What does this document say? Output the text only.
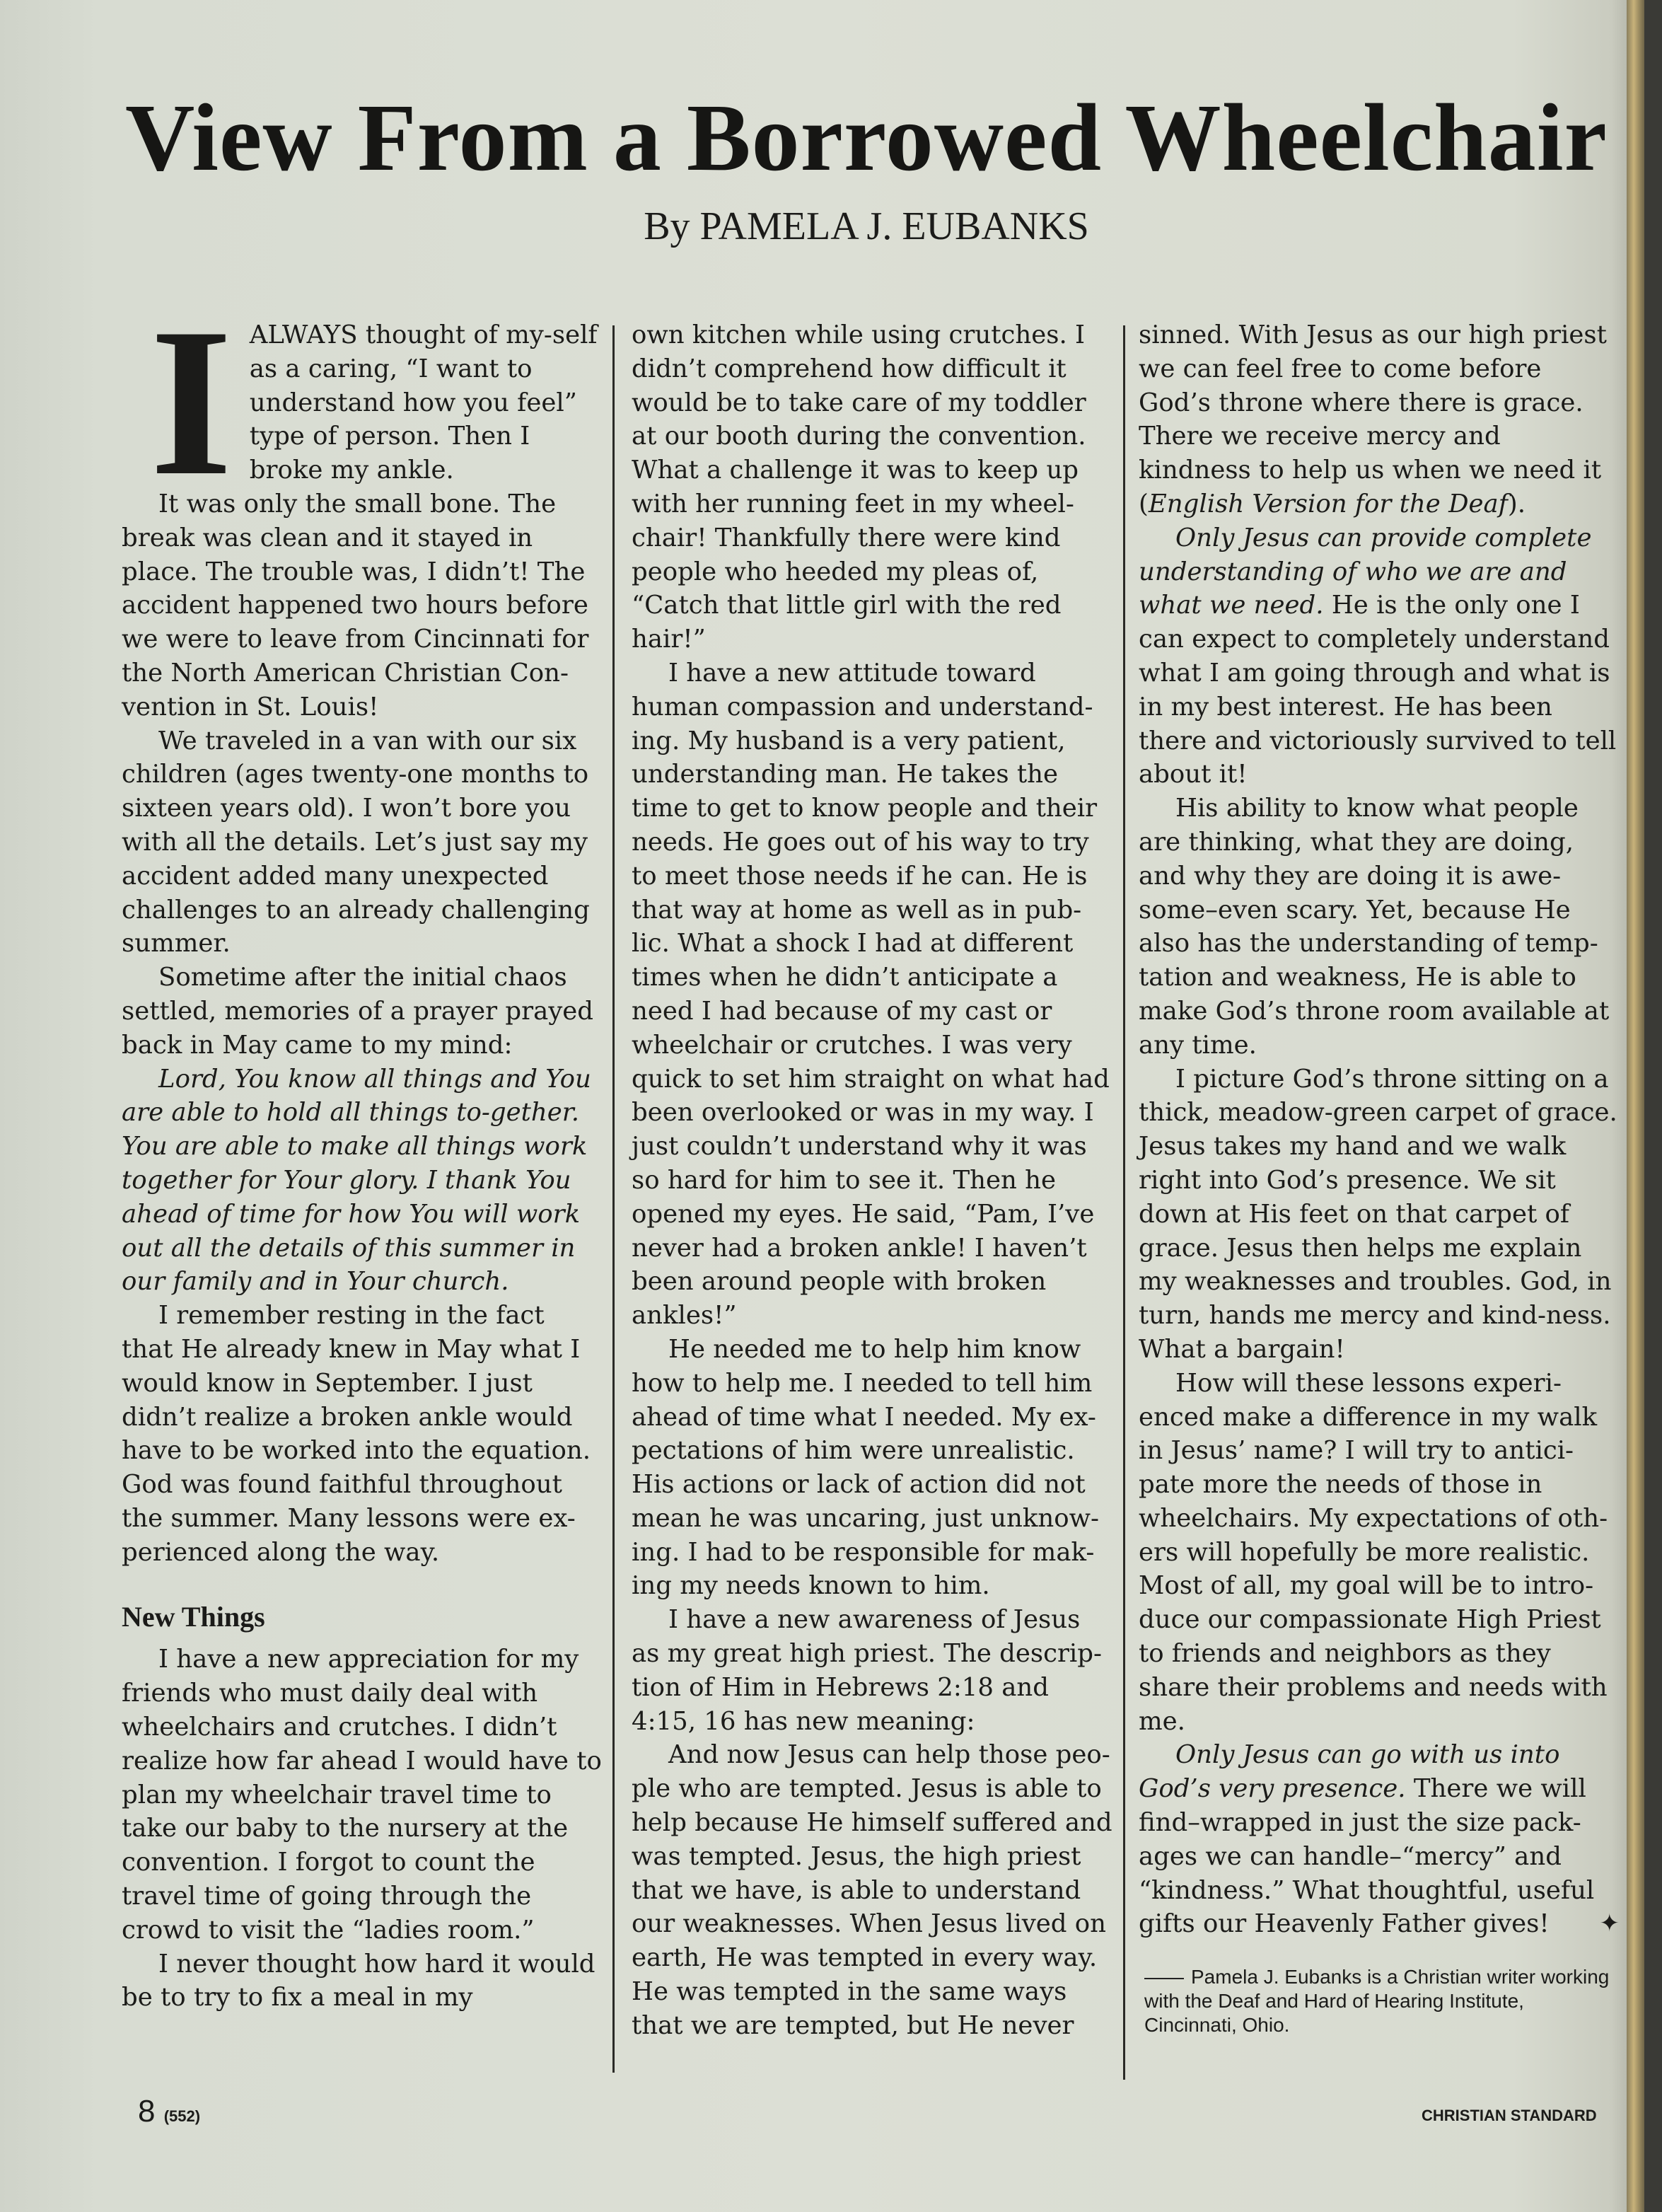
View From a Borrowed Wheelchair
By PAMELA J. EUBANKS
I ALWAYS thought of my-self as a caring, “I want to understand how you feel” type of person. Then I broke my ankle.

It was only the small bone. The break was clean and it stayed in place. The trouble was, I didn’t! The accident happened two hours before we were to leave from Cincinnati for the North American Christian Con-vention in St. Louis!

We traveled in a van with our six children (ages twenty-one months to sixteen years old). I won’t bore you with all the details. Let’s just say my accident added many unexpected challenges to an already challenging summer.

Sometime after the initial chaos settled, memories of a prayer prayed back in May came to my mind:

Lord, You know all things and You are able to hold all things to-gether. You are able to make all things work together for Your glory. I thank You ahead of time for how You will work out all the details of this summer in our family and in Your church.

I remember resting in the fact that He already knew in May what I would know in September. I just didn’t realize a broken ankle would have to be worked into the equation. God was found faithful throughout the summer. Many lessons were ex-perienced along the way.

New Things

I have a new appreciation for my friends who must daily deal with wheelchairs and crutches. I didn’t realize how far ahead I would have to plan my wheelchair travel time to take our baby to the nursery at the convention. I forgot to count the travel time of going through the crowd to visit the “ladies room.”

I never thought how hard it would be to try to fix a meal in my

own kitchen while using crutches. I didn’t comprehend how difficult it would be to take care of my toddler at our booth during the convention. What a challenge it was to keep up with her running feet in my wheel-chair! Thankfully there were kind people who heeded my pleas of, “Catch that little girl with the red hair!”

I have a new attitude toward human compassion and understand-ing. My husband is a very patient, understanding man. He takes the time to get to know people and their needs. He goes out of his way to try to meet those needs if he can. He is that way at home as well as in pub-lic. What a shock I had at different times when he didn’t anticipate a need I had because of my cast or wheelchair or crutches. I was very quick to set him straight on what had been overlooked or was in my way. I just couldn’t understand why it was so hard for him to see it. Then he opened my eyes. He said, “Pam, I’ve never had a broken ankle! I haven’t been around people with broken ankles!”

He needed me to help him know how to help me. I needed to tell him ahead of time what I needed. My ex-pectations of him were unrealistic. His actions or lack of action did not mean he was uncaring, just unknow-ing. I had to be responsible for mak-ing my needs known to him.

I have a new awareness of Jesus as my great high priest. The descrip-tion of Him in Hebrews 2:18 and 4:15, 16 has new meaning:

And now Jesus can help those peo-ple who are tempted. Jesus is able to help because He himself suffered and was tempted. Jesus, the high priest that we have, is able to understand our weaknesses. When Jesus lived on earth, He was tempted in every way. He was tempted in the same ways that we are tempted, but He never

sinned. With Jesus as our high priest we can feel free to come before God’s throne where there is grace. There we receive mercy and kindness to help us when we need it (English Version for the Deaf).

Only Jesus can provide complete understanding of who we are and what we need. He is the only one I can expect to completely understand what I am going through and what is in my best interest. He has been there and victoriously survived to tell about it!

His ability to know what people are thinking, what they are doing, and why they are doing it is awe-some–even scary. Yet, because He also has the understanding of temp-tation and weakness, He is able to make God’s throne room available at any time.

I picture God’s throne sitting on a thick, meadow-green carpet of grace. Jesus takes my hand and we walk right into God’s presence. We sit down at His feet on that carpet of grace. Jesus then helps me explain my weaknesses and troubles. God, in turn, hands me mercy and kind-ness. What a bargain!

How will these lessons experi-enced make a difference in my walk in Jesus’ name? I will try to antici-pate more the needs of those in wheelchairs. My expectations of oth-ers will hopefully be more realistic. Most of all, my goal will be to intro-duce our compassionate High Priest to friends and neighbors as they share their problems and needs with me.

Only Jesus can go with us into God’s very presence. There we will find–wrapped in just the size pack-ages we can handle–“mercy” and “kindness.” What thoughtful, useful gifts our Heavenly Father gives!	✦

Pamela J. Eubanks is a Christian writer working with the Deaf and Hard of Hearing Institute, Cincinnati, Ohio.
8 (552)	CHRISTIAN STANDARD
